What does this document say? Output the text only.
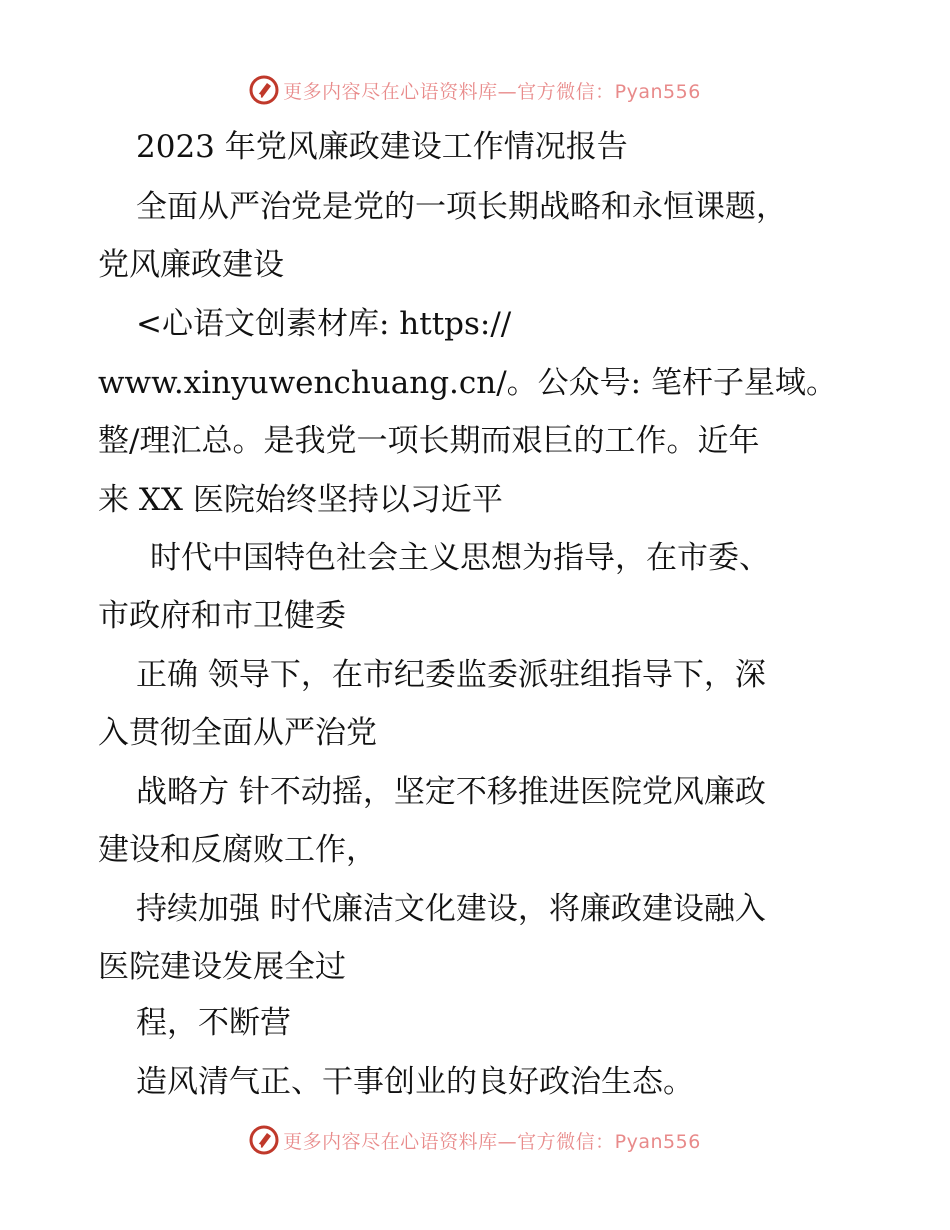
更多内容尽在心语资料库—官方微信：Pyan556
2023 年党风廉政建设工作情况报告
全面从严治党是党的一项长期战略和永恒课题，
党风廉政建设
<心语文创素材库: https://
www.xinyuwenchuang.cn/。公众号: 笔杆子星域。
整/理汇总。是我党一项长期而艰巨的工作。近年
来 XX 医院始终坚持以习近平
时代中国特色社会主义思想为指导，在市委、
市政府和市卫健委
正确 领导下，在市纪委监委派驻组指导下，深
入贯彻全面从严治党
战略方 针不动摇，坚定不移推进医院党风廉政
建设和反腐败工作，
持续加强 时代廉洁文化建设，将廉政建设融入
医院建设发展全过
程，不断营
造风清气正、干事创业的良好政治生态。
更多内容尽在心语资料库—官方微信：Pyan556
